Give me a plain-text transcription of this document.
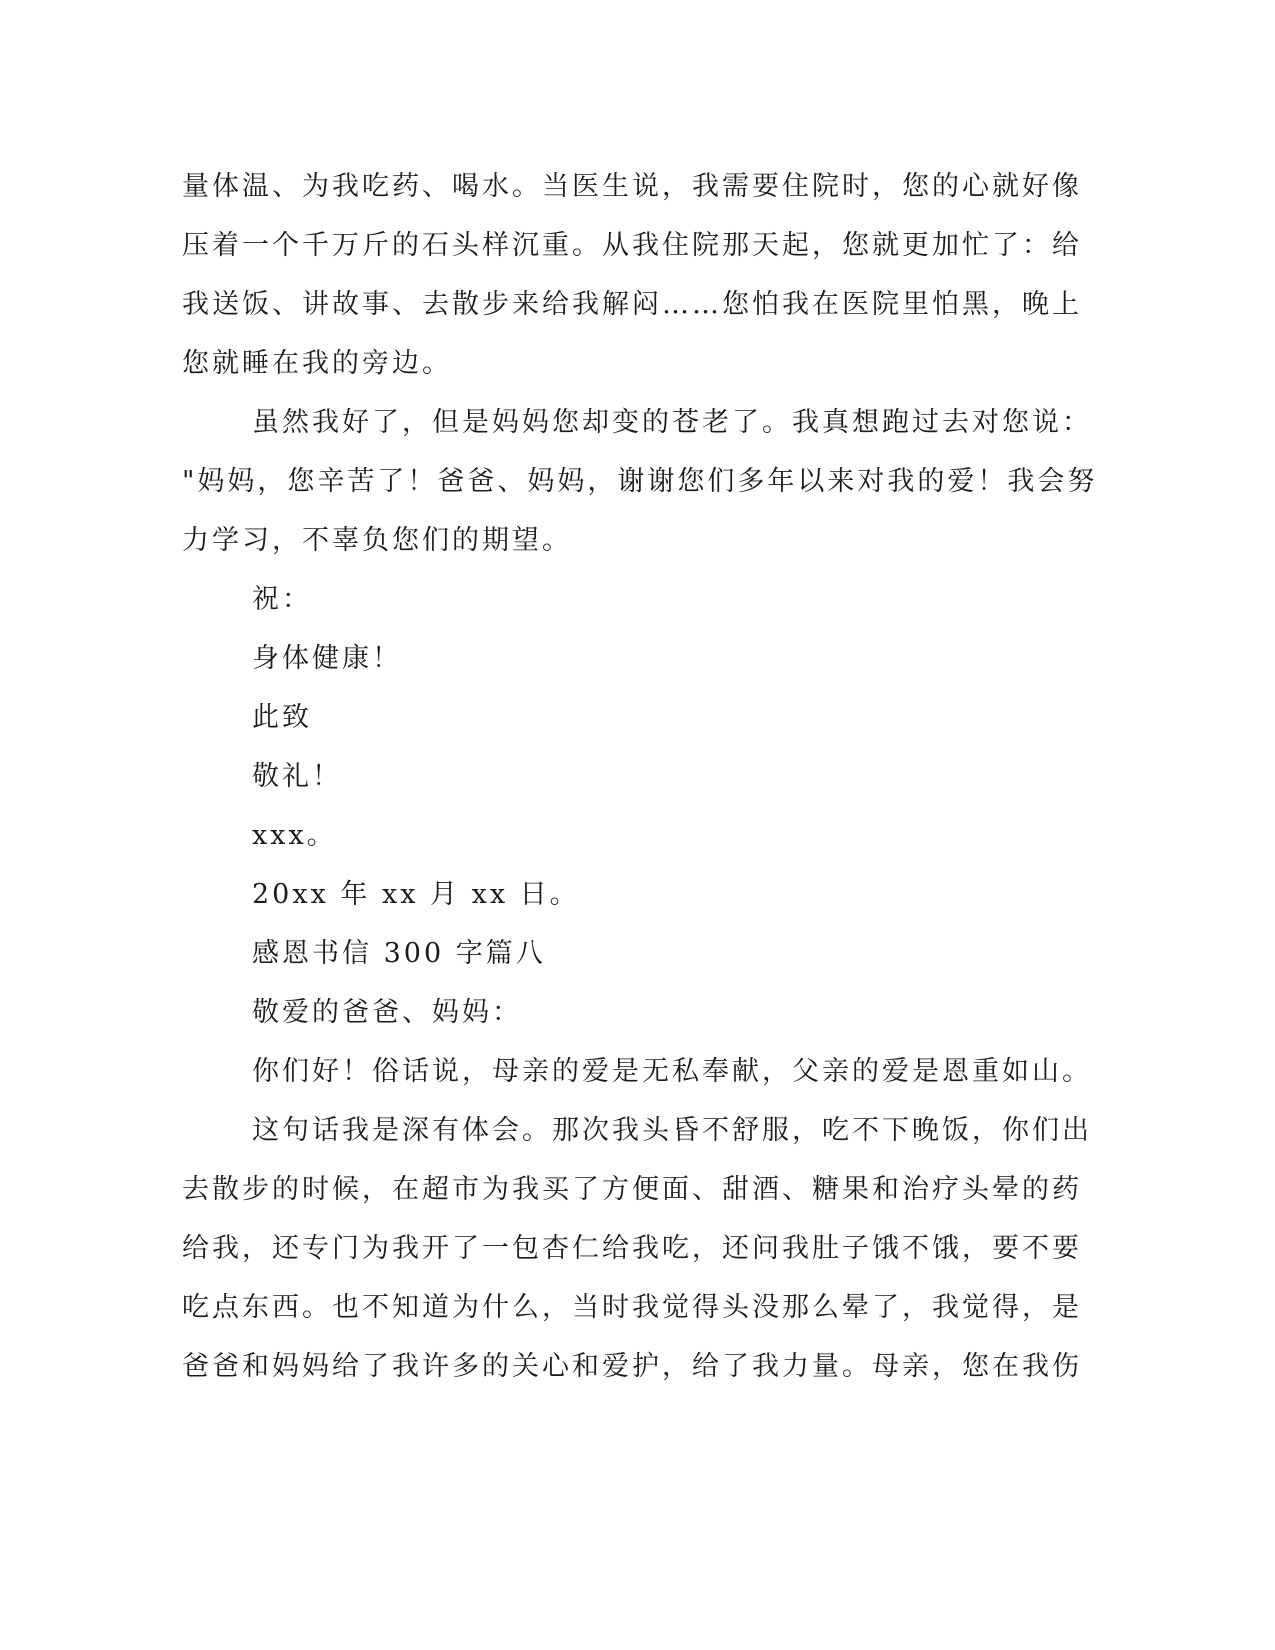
量体温、为我吃药、喝水。当医生说，我需要住院时，您的心就好像
压着一个千万斤的石头样沉重。从我住院那天起，您就更加忙了：给
我送饭、讲故事、去散步来给我解闷……您怕我在医院里怕黑，晚上
您就睡在我的旁边。
虽然我好了，但是妈妈您却变的苍老了。我真想跑过去对您说：
"妈妈，您辛苦了！爸爸、妈妈，谢谢您们多年以来对我的爱！我会努
力学习，不辜负您们的期望。
祝：
身体健康！
此致
敬礼！
xxx。
20xx 年 xx 月 xx 日。
感恩书信 300 字篇八
敬爱的爸爸、妈妈：
你们好！俗话说，母亲的爱是无私奉献，父亲的爱是恩重如山。
这句话我是深有体会。那次我头昏不舒服，吃不下晚饭，你们出
去散步的时候，在超市为我买了方便面、甜酒、糖果和治疗头晕的药
给我，还专门为我开了一包杏仁给我吃，还问我肚子饿不饿，要不要
吃点东西。也不知道为什么，当时我觉得头没那么晕了，我觉得，是
爸爸和妈妈给了我许多的关心和爱护，给了我力量。母亲，您在我伤
